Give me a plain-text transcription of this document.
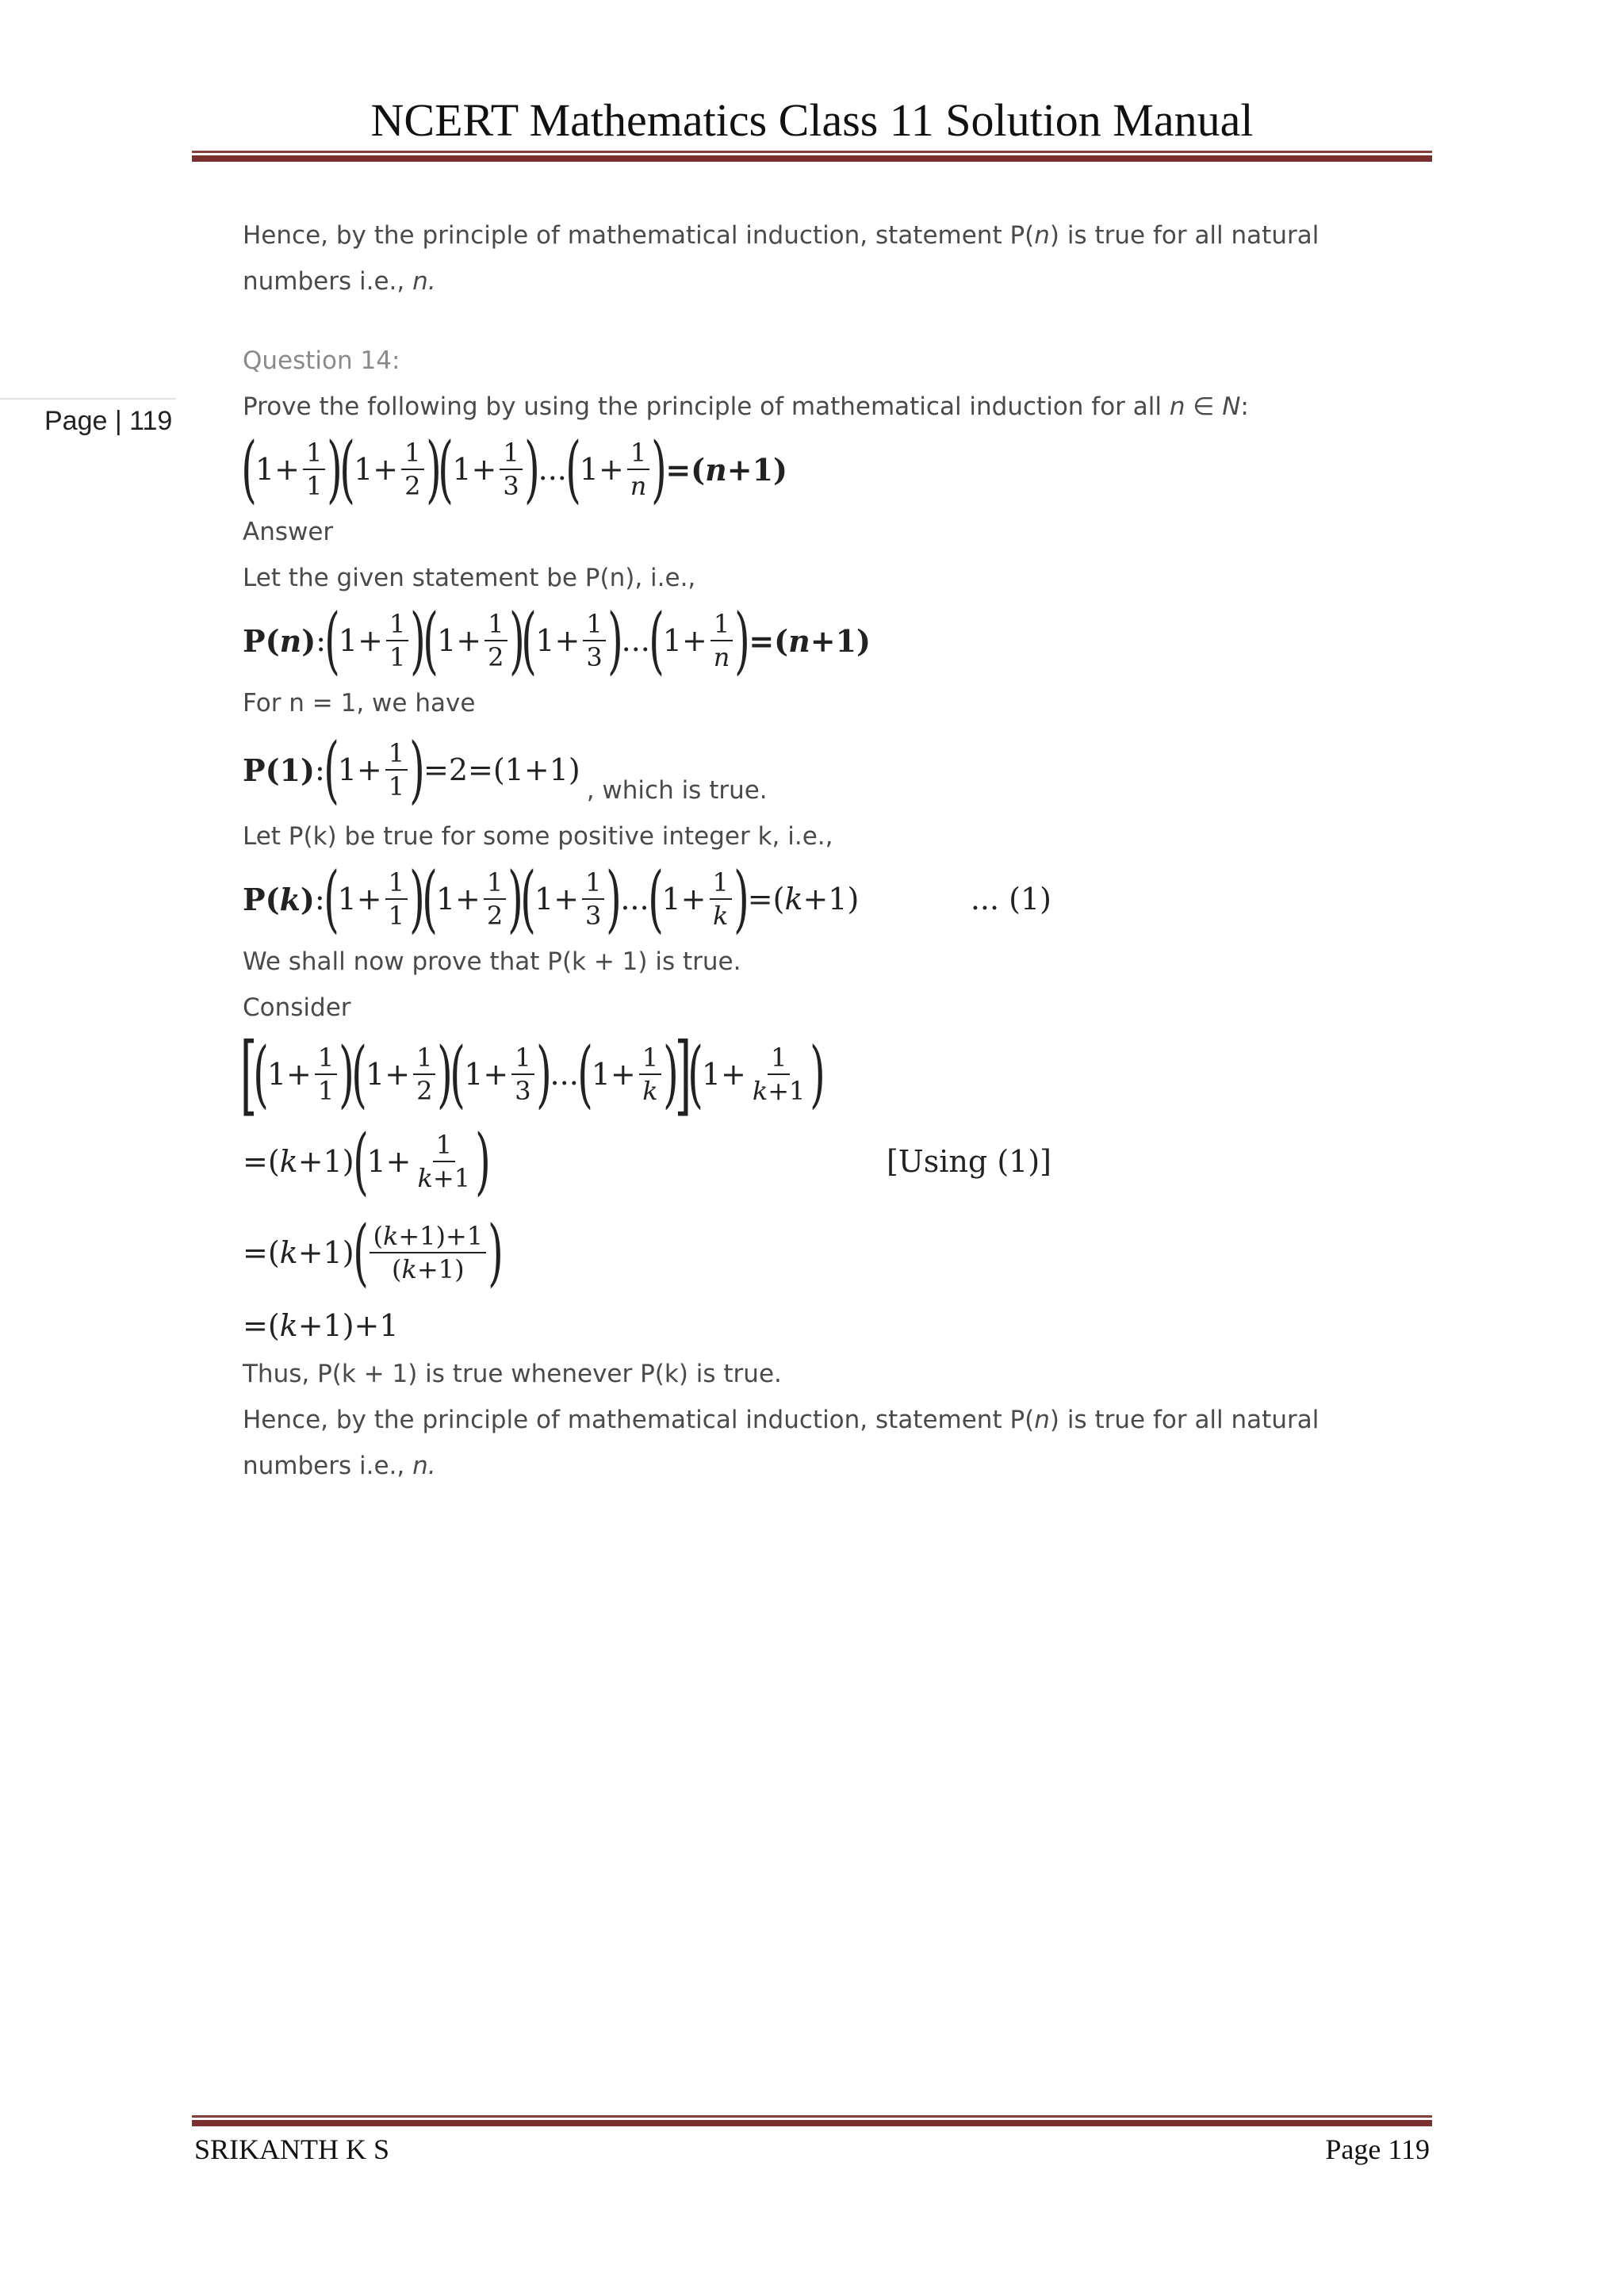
NCERT Mathematics Class 11 Solution Manual
Page | 119

Hence, by the principle of mathematical induction, statement P(n) is true for all natural
numbers i.e., n.

Question 14:

Prove the following by using the principle of mathematical induction for all n ∈ N:

(
$1+ \frac{1}{1}$ )
(
$1+ \frac{1}{2}$ )
(
$1+ \frac{1}{3}$ )
...
(
$1+ \frac{1}{n}$ )
=(n+1)

Answer

Let the given statement be P(n), i.e.,

P(n) :
(
$1+ \frac{1}{1}$ )
(
$1+ \frac{1}{2}$ )
(
$1+ \frac{1}{3}$ )
...
(
$1+ \frac{1}{n}$ )
=(n+1)

For n = 1, we have

P(1) :
(
$1+ \frac{1}{1}$ )
=2=(1+1)
, which is true.

Let P(k) be true for some positive integer k, i.e.,

P(k) :
(
$1+ \frac{1}{1}$ )
(
$1+ \frac{1}{2}$ )
(
$1+ \frac{1}{3}$ )
...
(
$1+ \frac{1}{k}$ )
=( k +1)	... (1)

We shall now prove that P(k + 1) is true.

Consider

[
(
$1+ \frac{1}{1}$ )
(
$1+ \frac{1}{2}$ )
(
$1+ \frac{1}{3}$ )
...
(
$1+ \frac{1}{k}$ )
]
(
$1+ \frac{1}{k+1}$ )
=( k +1)
(
$1+ \frac{1}{k+1}$ )	[Using (1)]
=( k +1)
( $\frac{(k+1)+1}{(k+1)}$ )
=( k +1)+1

Thus, P(k + 1) is true whenever P(k) is true.

Hence, by the principle of mathematical induction, statement P(n) is true for all natural
numbers i.e., n.

SRIKANTH K S	Page 119
